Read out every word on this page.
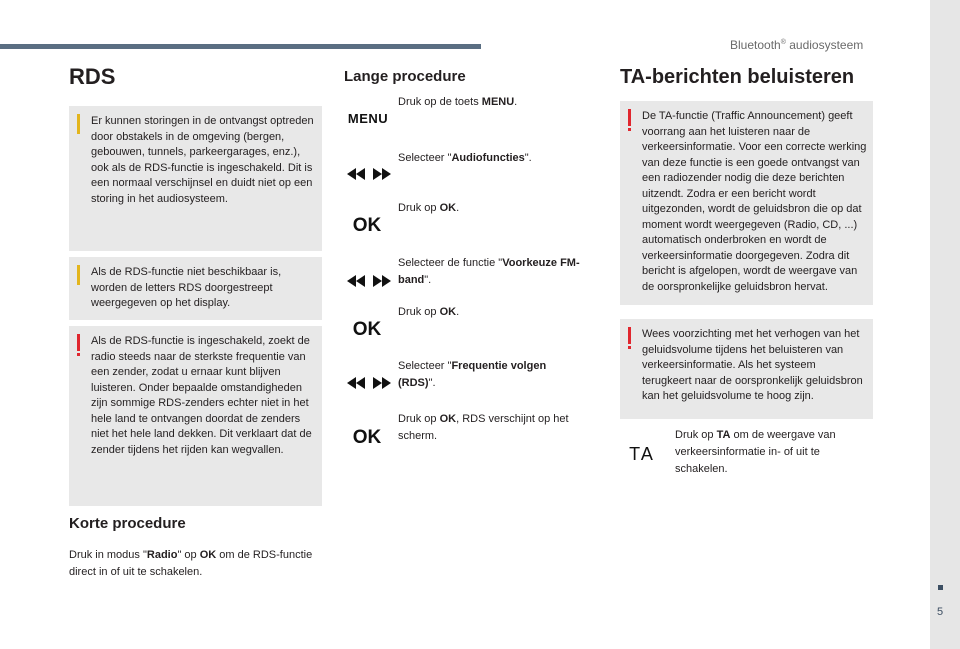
Bluetooth® audiosysteem
5
RDS
Er kunnen storingen in de ontvangst optreden door obstakels in de omgeving (bergen, gebouwen, tunnels, parkeergarages, enz.), ook als de RDS-functie is ingeschakeld. Dit is een normaal verschijnsel en duidt niet op een storing in het audiosysteem.
Als de RDS-functie niet beschikbaar is, worden de letters RDS doorgestreept weergegeven op het display.
Als de RDS-functie is ingeschakeld, zoekt de radio steeds naar de sterkste frequentie van een zender, zodat u ernaar kunt blijven luisteren. Onder bepaalde omstandigheden zijn sommige RDS-zenders echter niet in het hele land te ontvangen doordat de zenders niet het hele land dekken. Dit verklaart dat de zender tijdens het rijden kan wegvallen.
Korte procedure
Druk in modus "Radio" op OK om de RDS-functie direct in of uit te schakelen.
Lange procedure
MENU
Druk op de toets MENU.
Selecteer "Audiofuncties".
OK
Druk op OK.
Selecteer de functie "Voorkeuze FM-band".
OK
Druk op OK.
Selecteer "Frequentie volgen (RDS)".
OK
Druk op OK, RDS verschijnt op het scherm.
TA-berichten beluisteren
De TA-functie (Traffic Announcement) geeft voorrang aan het luisteren naar de verkeersinformatie. Voor een correcte werking van deze functie is een goede ontvangst van een radiozender nodig die deze berichten uitzendt. Zodra er een bericht wordt uitgezonden, wordt de geluidsbron die op dat moment wordt weergegeven (Radio, CD, ...) automatisch onderbroken en wordt de verkeersinformatie doorgegeven. Zodra dit bericht is afgelopen, wordt de weergave van de oorspronkelijke geluidsbron hervat.
Wees voorzichting met het verhogen van het geluidsvolume tijdens het beluisteren van verkeersinformatie. Als het systeem terugkeert naar de oorspronkelijk geluidsbron kan het geluidsvolume te hoog zijn.
TA
Druk op TA om de weergave van verkeersinformatie in- of uit te schakelen.
